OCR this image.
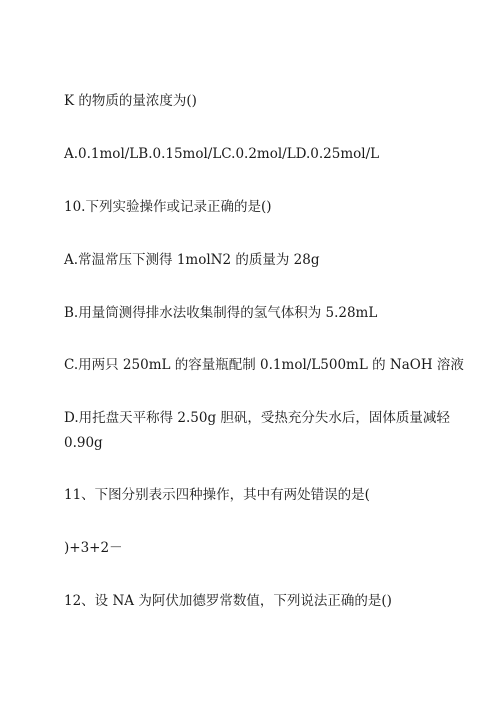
K 的物质的量浓度为()
A.0.1mol/LB.0.15mol/LC.0.2mol/LD.0.25mol/L
10.下列实验操作或记录正确的是()
A.常温常压下测得 1molN2 的质量为 28g
B.用量筒测得排水法收集制得的氢气体积为 5.28mL
C.用两只 250mL 的容量瓶配制 0.1mol/L500mL 的 NaOH 溶液
D.用托盘天平称得 2.50g 胆矾，受热充分失水后，固体质量减轻
0.90g
11、下图分别表示四种操作，其中有两处错误的是(
)+3+2－
12、设 NA 为阿伏加德罗常数值，下列说法正确的是()
